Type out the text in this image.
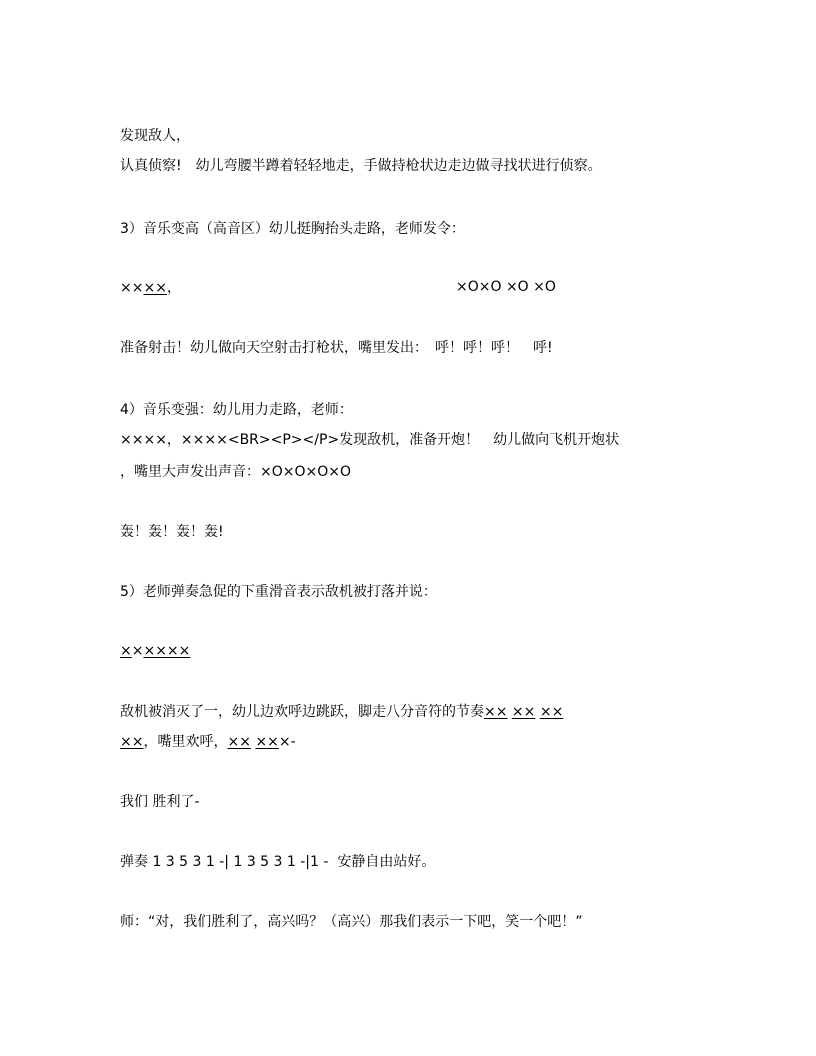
发现敌人，
认真侦察!　幼儿弯腰半蹲着轻轻地走，手做持枪状边走边做寻找状进行侦察。
3）音乐变高（高音区）幼儿挺胸抬头走路，老师发令：
××××，	×O×O ×O ×O
准备射击！幼儿做向天空射击打枪状，嘴里发出：　呼！呼！呼！　呼!
4）音乐变强：幼儿用力走路，老师：
××××，××××<BR><P></P>发现敌机，准备开炮！　幼儿做向飞机开炮状
，嘴里大声发出声音：×O×O×O×O
轰！轰！轰！轰!
5）老师弹奏急促的下重滑音表示敌机被打落并说：
××××××
敌机被消灭了一，幼儿边欢呼边跳跃，脚走八分音符的节奏×× ×× ××
××，嘴里欢呼，×× ×××-
我们 胜利了-
弹奏 1 3 5 3 1 -| 1 3 5 3 1 -|1 -  安静自由站好。
师：“对，我们胜利了，高兴吗？（高兴）那我们表示一下吧，笑一个吧！”
